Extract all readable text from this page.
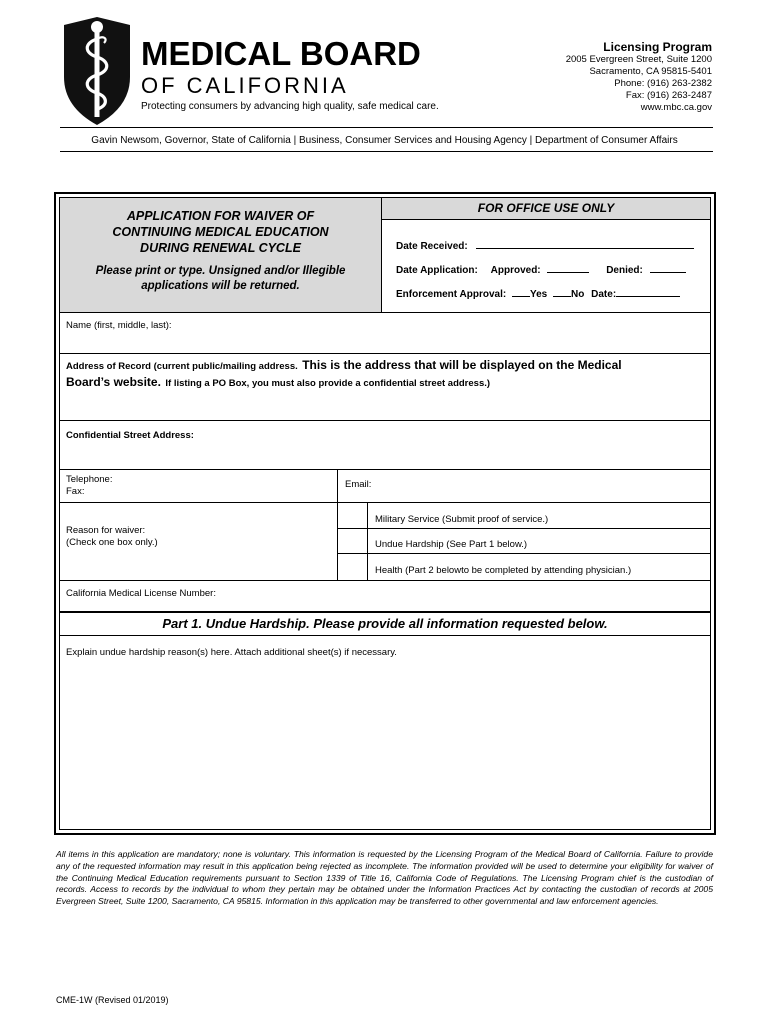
MEDICAL BOARD
OF CALIFORNIA
Protecting consumers by advancing high quality, safe medical care.
Licensing Program
2005 Evergreen Street, Suite 1200
Sacramento, CA 95815-5401
Phone: (916) 263-2382
Fax: (916) 263-2487
www.mbc.ca.gov
Gavin Newsom, Governor, State of California | Business, Consumer Services and Housing Agency | Department of Consumer Affairs
APPLICATION FOR WAIVER OF
CONTINUING MEDICAL EDUCATION
DURING RENEWAL CYCLE
Please print or type. Unsigned and/or Illegible
applications will be returned.
FOR OFFICE USE ONLY
Date Received:
Date Application: Approved:	Denied:
Enforcement Approval: Yes No Date:
Name (first, middle, last):
Address of Record (current public/mailing address. This is the address that will be displayed on the Medical
Board’s website. If listing a PO Box, you must also provide a confidential street address.)
Confidential Street Address:
Telephone:
Fax:
Email:
Reason for waiver:
(Check one box only.)
Military Service (Submit proof of service.)
Undue Hardship (See Part 1 below.)
Health (Part 2 belowto be completed by attending physician.)
California Medical License Number:
Part 1. Undue Hardship. Please provide all information requested below.
Explain undue hardship reason(s) here. Attach additional sheet(s) if necessary.
All items in this application are mandatory; none is voluntary. This information is requested by the Licensing Program of the Medical Board of California. Failure to provide any of the requested information may result in this application being rejected as incomplete. The information provided will be used to determine your eligibility for waiver of the Continuing Medical Education requirements pursuant to Section 1339 of Title 16, California Code of Regulations. The Licensing Program chief is the custodian of records. Access to records by the individual to whom they pertain may be obtained under the Information Practices Act by contacting the custodian of records at 2005 Evergreen Street, Suite 1200, Sacramento, CA 95815. Information in this application may be transferred to other governmental and law enforcement agencies.
CME-1W (Revised 01/2019)
